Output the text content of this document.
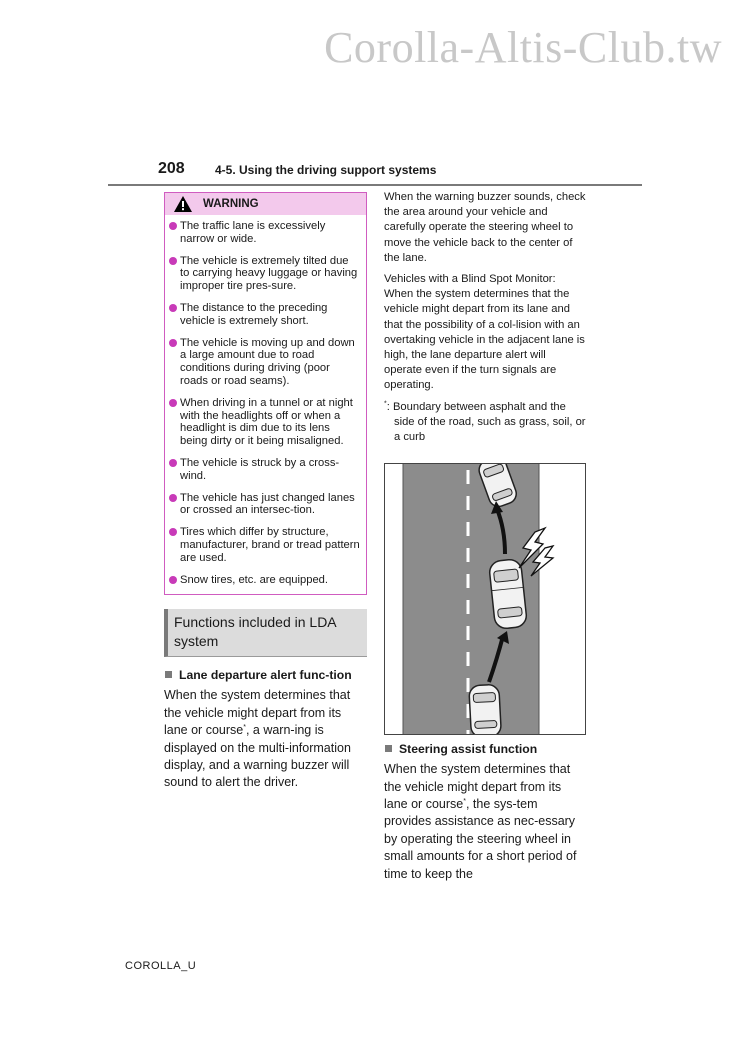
Corolla-Altis-Club.tw
208	4-5. Using the driving support systems
WARNING
The traffic lane is excessively narrow or wide.
The vehicle is extremely tilted due to carrying heavy luggage or having improper tire pres-sure.
The distance to the preceding vehicle is extremely short.
The vehicle is moving up and down a large amount due to road conditions during driving (poor roads or road seams).
When driving in a tunnel or at night with the headlights off or when a headlight is dim due to its lens being dirty or it being misaligned.
The vehicle is struck by a cross-wind.
The vehicle has just changed lanes or crossed an intersec-tion.
Tires which differ by structure, manufacturer, brand or tread pattern are used.
Snow tires, etc. are equipped.
Functions included in LDA system
Lane departure alert func-tion

When the system determines that the vehicle might depart from its lane or course*, a warn-ing is displayed on the multi-information display, and a warning buzzer will sound to alert the driver.

When the warning buzzer sounds, check the area around your vehicle and carefully operate the steering wheel to move the vehicle back to the center of the lane.

Vehicles with a Blind Spot Monitor: When the system determines that the vehicle might depart from its lane and that the possibility of a col-lision with an overtaking vehicle in the adjacent lane is high, the lane departure alert will operate even if the turn signals are operating.

*: Boundary between asphalt and the side of the road, such as grass, soil, or a curb

Steering assist function

When the system determines that the vehicle might depart from its lane or course*, the sys-tem provides assistance as nec-essary by operating the steering wheel in small amounts for a short period of time to keep the

COROLLA_U
